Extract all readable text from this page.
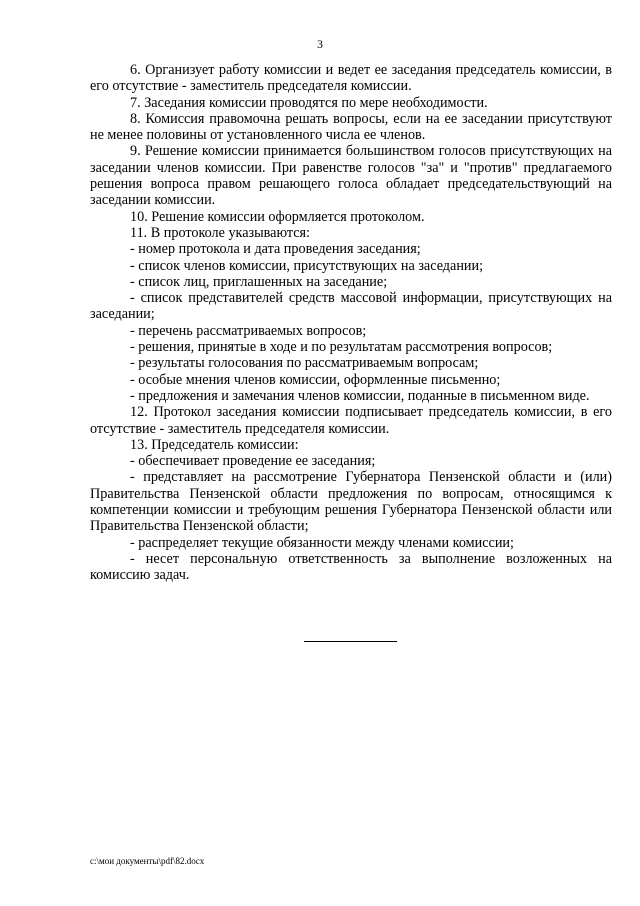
3

6. Организует работу комиссии и ведет ее заседания председатель комиссии, в его отсутствие - заместитель председателя комиссии.

7. Заседания комиссии проводятся по мере необходимости.

8. Комиссия правомочна решать вопросы, если на ее заседании присутствуют не менее половины от установленного числа ее членов.

9. Решение комиссии принимается большинством голосов присутствующих на заседании членов комиссии. При равенстве голосов "за" и "против" предлагаемого решения вопроса правом решающего голоса обладает председательствующий на заседании комиссии.

10. Решение комиссии оформляется протоколом.

11. В протоколе указываются:

- номер протокола и дата проведения заседания;

- список членов комиссии, присутствующих на заседании;

- список лиц, приглашенных на заседание;

- список представителей средств массовой информации, присутствующих на заседании;

- перечень рассматриваемых вопросов;

- решения, принятые в ходе и по результатам рассмотрения вопросов;

- результаты голосования по рассматриваемым вопросам;

- особые мнения членов комиссии, оформленные письменно;

- предложения и замечания членов комиссии, поданные в письменном виде.

12. Протокол заседания комиссии подписывает председатель комиссии, в его отсутствие - заместитель председателя комиссии.

13. Председатель комиссии:

- обеспечивает проведение ее заседания;

- представляет на рассмотрение Губернатора Пензенской области и (или) Правительства Пензенской области предложения по вопросам, относящимся к компетенции комиссии и требующим решения Губернатора Пензенской области или Правительства Пензенской области;

- распределяет текущие обязанности между членами комиссии;

- несет персональную ответственность за выполнение возложенных на комиссию задач.

c:\мои документы\pdf\82.docx
